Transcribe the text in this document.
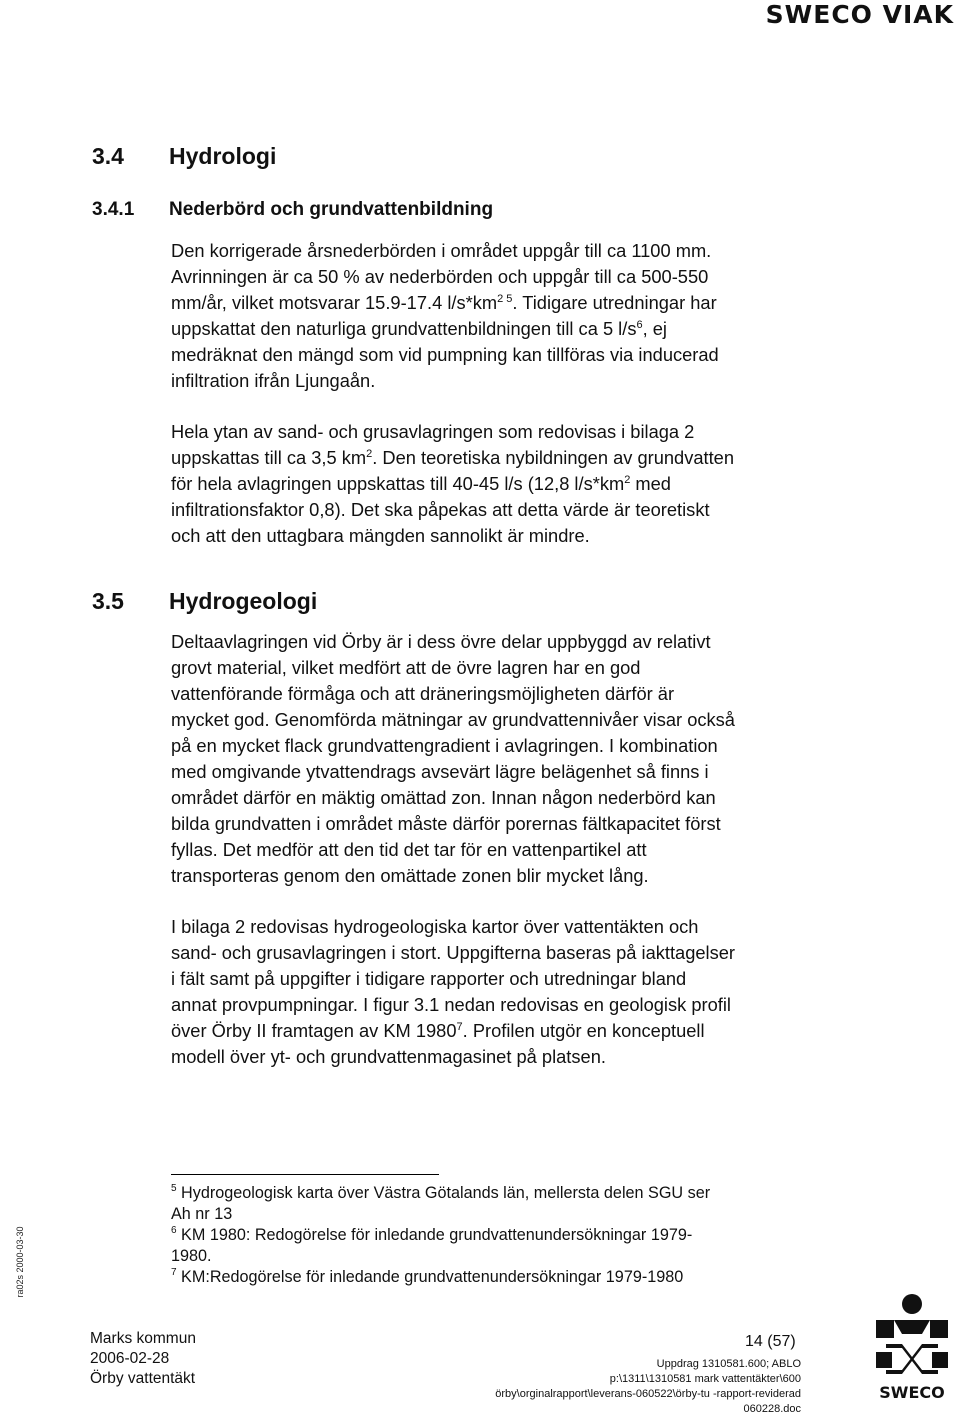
SWECO VIAK
3.4 Hydrologi
3.4.1 Nederbörd och grundvattenbildning
Den korrigerade årsnederbörden i området uppgår till ca 1100 mm.
Avrinningen är ca 50 % av nederbörden och uppgår till ca 500-550
mm/år, vilket motsvarar 15.9-17.4 $l/s*km^{2 5}$. Tidigare utredningar har
uppskattat den naturliga grundvattenbildningen till ca 5 $l/s^6$, ej
medräknat den mängd som vid pumpning kan tillföras via inducerad
infiltration ifrån Ljungaån.
Hela ytan av sand- och grusavlagringen som redovisas i bilaga 2
uppskattas till ca 3,5 $km^2$. Den teoretiska nybildningen av grundvatten
för hela avlagringen uppskattas till 40-45 l/s (12,8 $l/s*km^2$ med
infiltrationsfaktor 0,8). Det ska påpekas att detta värde är teoretiskt
och att den uttagbara mängden sannolikt är mindre.
3.5 Hydrogeologi
Deltaavlagringen vid Örby är i dess övre delar uppbyggd av relativt
grovt material, vilket medfört att de övre lagren har en god
vattenförande förmåga och att dräneringsmöjligheten därför är
mycket god. Genomförda mätningar av grundvattennivåer visar också
på en mycket flack grundvattengradient i avlagringen. I kombination
med omgivande ytvattendrags avsevärt lägre belägenhet så finns i
området därför en mäktig omättad zon. Innan någon nederbörd kan
bilda grundvatten i området måste därför porernas fältkapacitet först
fyllas. Det medför att den tid det tar för en vattenpartikel att
transporteras genom den omättade zonen blir mycket lång.
I bilaga 2 redovisas hydrogeologiska kartor över vattentäkten och
sand- och grusavlagringen i stort. Uppgifterna baseras på iakttagelser
i fält samt på uppgifter i tidigare rapporter och utredningar bland
annat provpumpningar. I figur 3.1 nedan redovisas en geologisk profil
över Örby II framtagen av KM 1980$^7$. Profilen utgör en konceptuell
modell över yt- och grundvattenmagasinet på platsen.
$^5$ Hydrogeologisk karta över Västra Götalands län, mellersta delen SGU ser
Ah nr 13
$^6$ KM 1980: Redogörelse för inledande grundvattenundersökningar 1979-
1980.
$^7$ KM:Redogörelse för inledande grundvattenundersökningar 1979-1980
ra02s 2000-03-30
Marks kommun
2006-02-28
Örby vattentäkt
14 (57)
Uppdrag 1310581.600; ABLO
p:\1311\1310581 mark vattentäkter\600
örby\orginalrapport\leverans-060522\örby-tu -rapport-reviderad
060228.doc
SWECO
